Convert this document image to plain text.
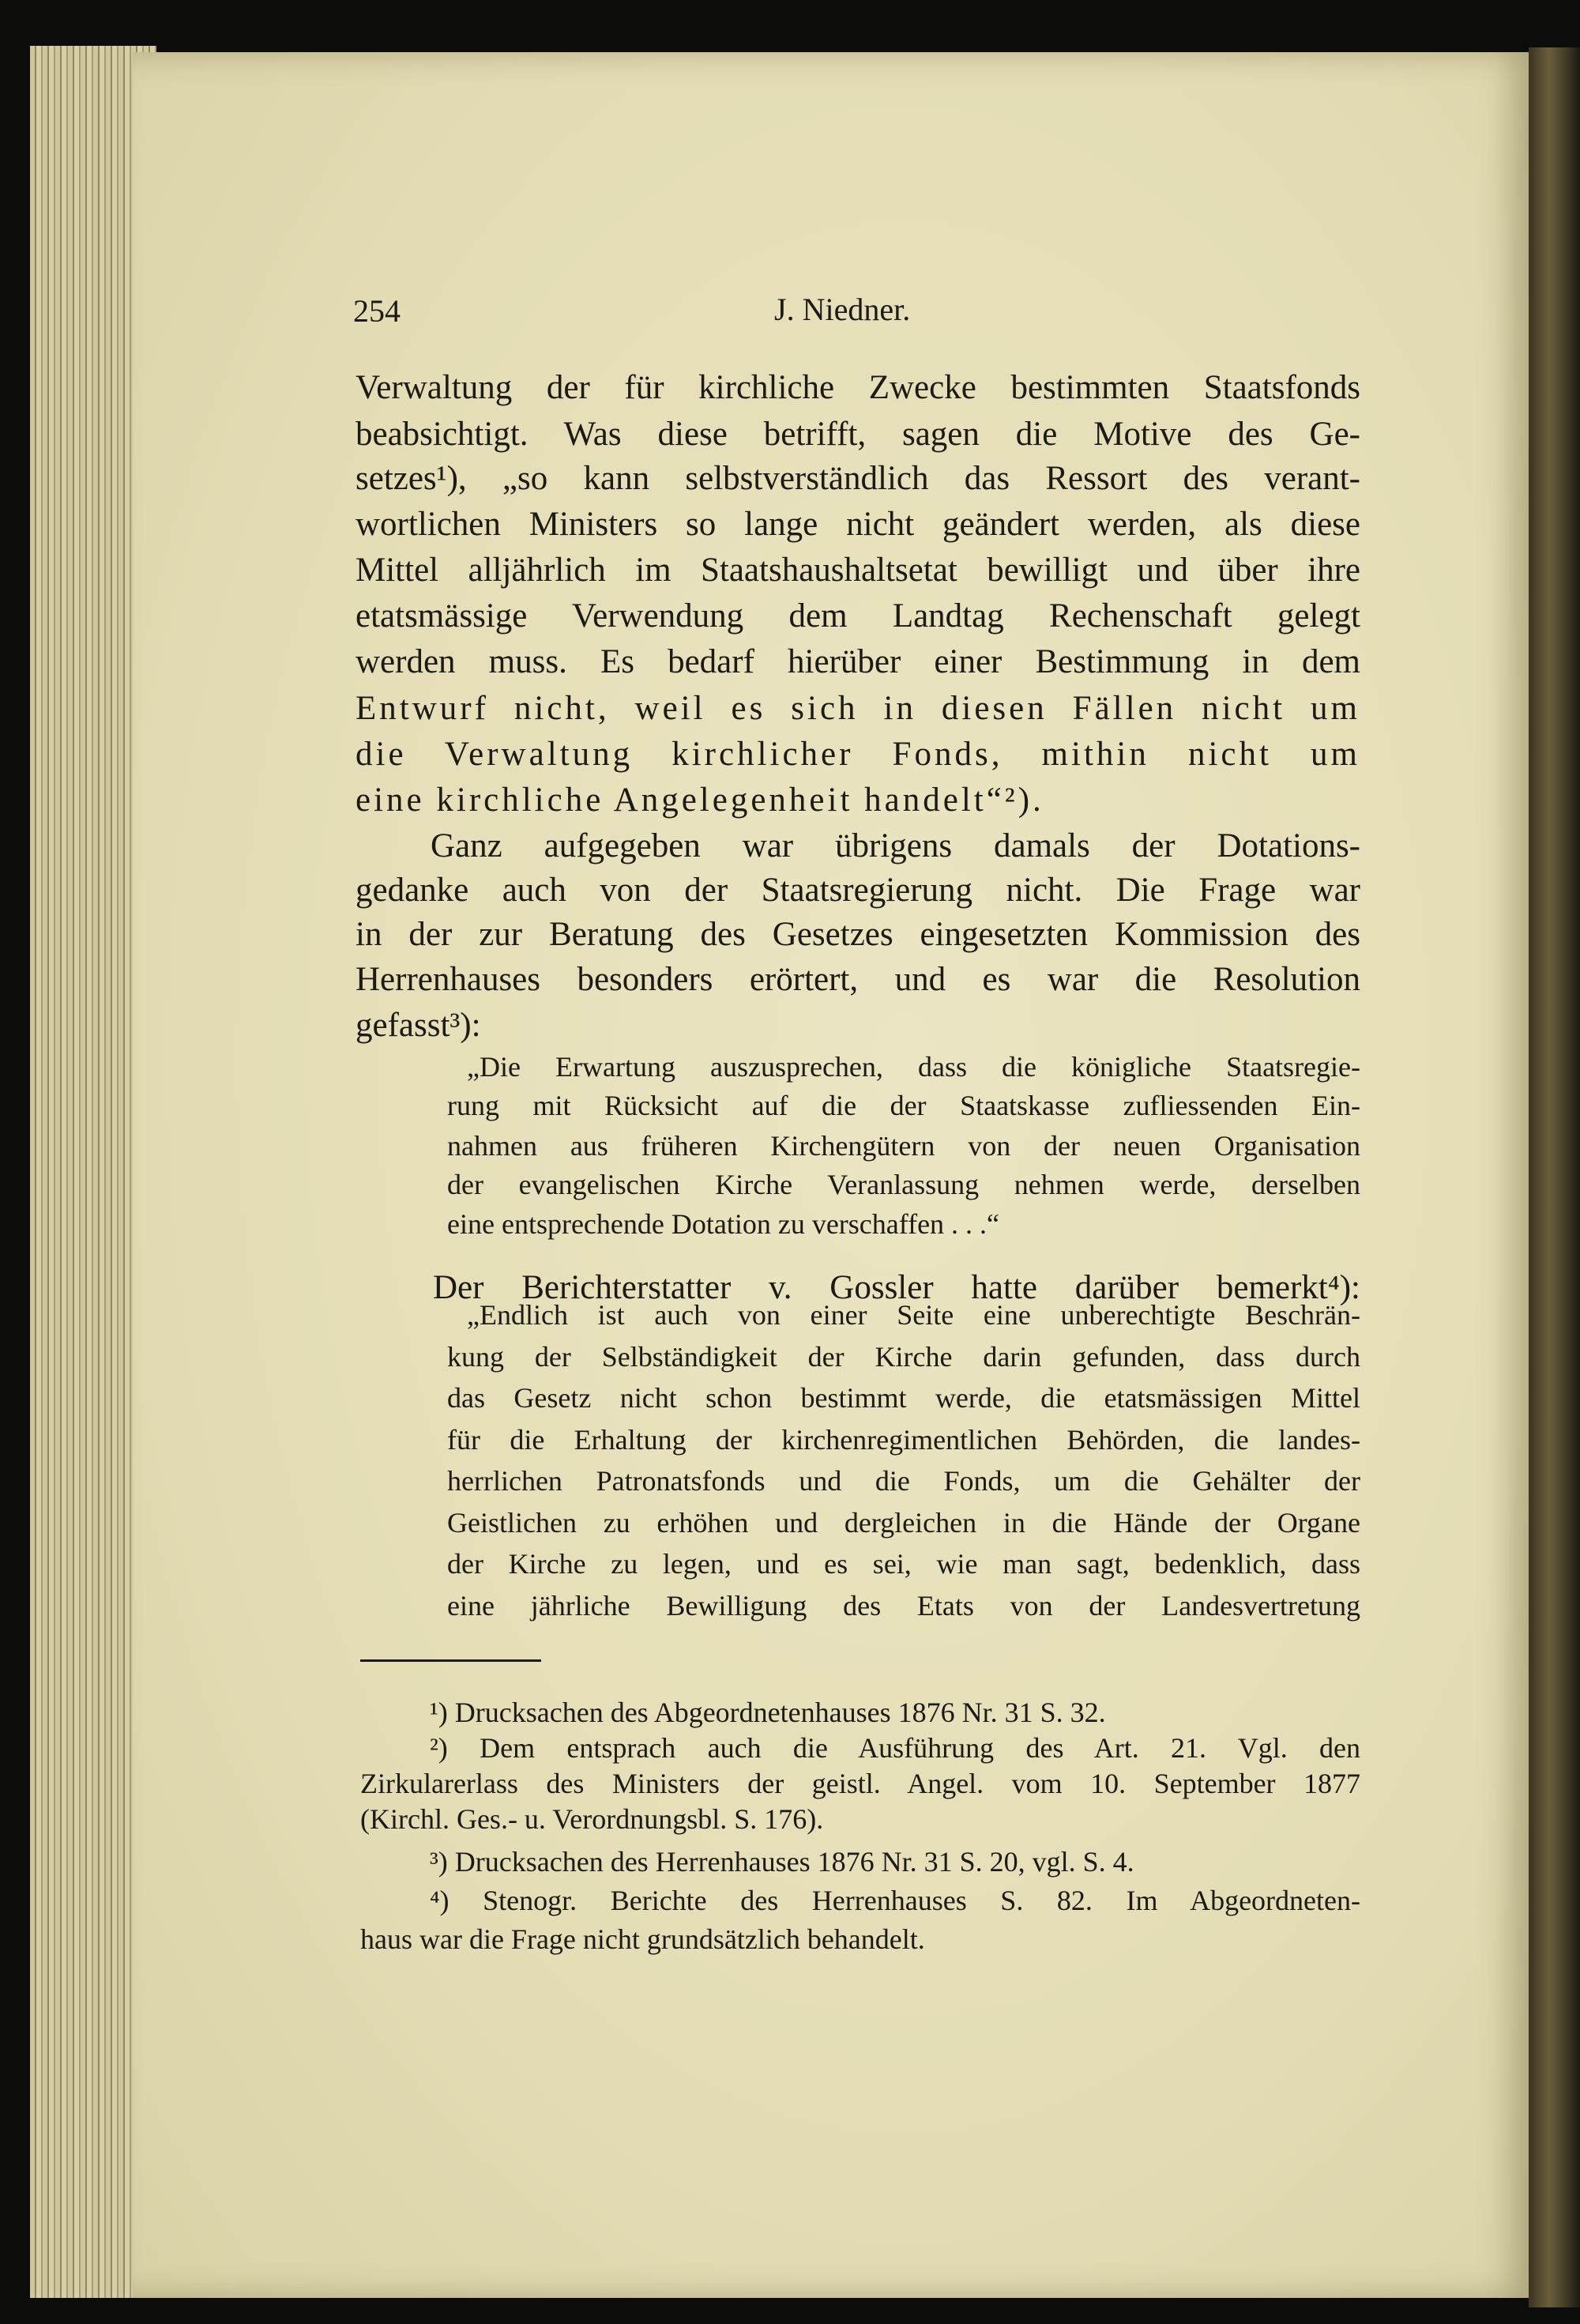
254	J. Niedner.
Verwaltung der für kirchliche Zwecke bestimmten Staatsfonds
beabsichtigt. Was diese betrifft, sagen die Motive des Ge-
setzes¹), „so kann selbstverständlich das Ressort des verant-
wortlichen Ministers so lange nicht geändert werden, als diese
Mittel alljährlich im Staatshaushaltsetat bewilligt und über ihre
etatsmässige Verwendung dem Landtag Rechenschaft gelegt
werden muss. Es bedarf hierüber einer Bestimmung in dem
Entwurf nicht, weil es sich in diesen Fällen nicht um
die Verwaltung kirchlicher Fonds, mithin nicht um
eine kirchliche Angelegenheit handelt“²).
Ganz aufgegeben war übrigens damals der Dotations-
gedanke auch von der Staatsregierung nicht. Die Frage war
in der zur Beratung des Gesetzes eingesetzten Kommission des
Herrenhauses besonders erörtert, und es war die Resolution
gefasst³):
„Die Erwartung auszusprechen, dass die königliche Staatsregie-
rung mit Rücksicht auf die der Staatskasse zufliessenden Ein-
nahmen aus früheren Kirchengütern von der neuen Organisation
der evangelischen Kirche Veranlassung nehmen werde, derselben
eine entsprechende Dotation zu verschaffen . . .“
Der Berichterstatter v. Gossler hatte darüber bemerkt⁴):
„Endlich ist auch von einer Seite eine unberechtigte Beschrän-
kung der Selbständigkeit der Kirche darin gefunden, dass durch
das Gesetz nicht schon bestimmt werde, die etatsmässigen Mittel
für die Erhaltung der kirchenregimentlichen Behörden, die landes-
herrlichen Patronatsfonds und die Fonds, um die Gehälter der
Geistlichen zu erhöhen und dergleichen in die Hände der Organe
der Kirche zu legen, und es sei, wie man sagt, bedenklich, dass
eine jährliche Bewilligung des Etats von der Landesvertretung
¹) Drucksachen des Abgeordnetenhauses 1876 Nr. 31 S. 32.
²) Dem entsprach auch die Ausführung des Art. 21. Vgl. den
Zirkularerlass des Ministers der geistl. Angel. vom 10. September 1877
(Kirchl. Ges.- u. Verordnungsbl. S. 176).
³) Drucksachen des Herrenhauses 1876 Nr. 31 S. 20, vgl. S. 4.
⁴) Stenogr. Berichte des Herrenhauses S. 82. Im Abgeordneten-
haus war die Frage nicht grundsätzlich behandelt.
